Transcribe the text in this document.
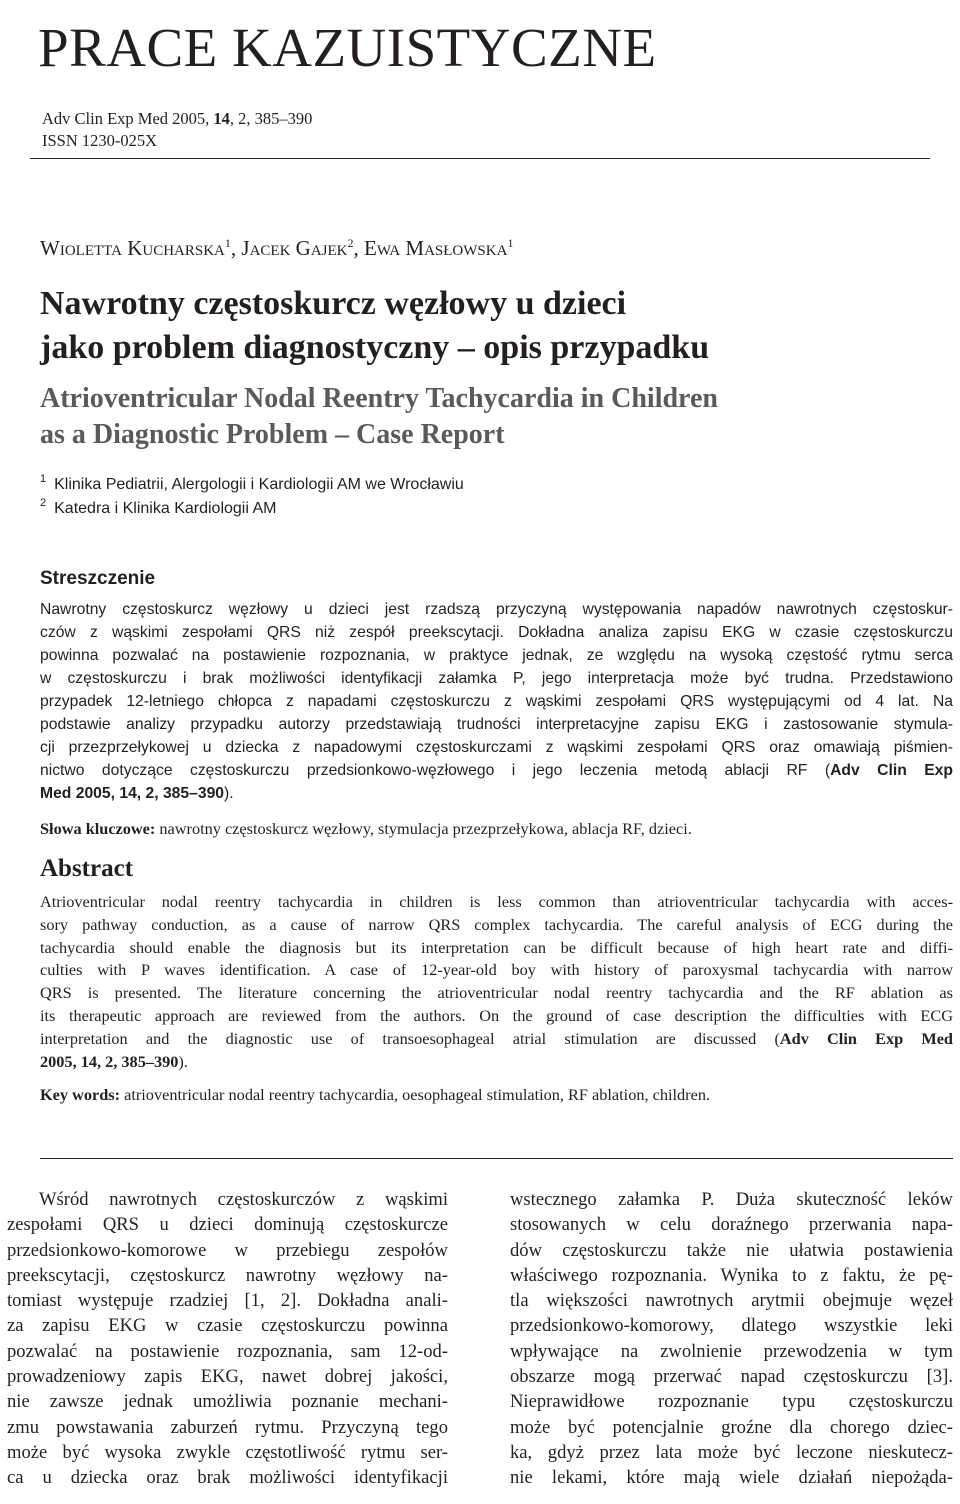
PRACE KAZUISTYCZNE
Adv Clin Exp Med 2005, 14, 2, 385–390
ISSN 1230-025X
WIOLETTA KUCHARSKA$^1$, JACEK GAJEK$^2$, EWA MASŁOWSKA$^1$
Nawrotny częstoskurcz węzłowy u dzieci
jako problem diagnostyczny – opis przypadku
Atrioventricular Nodal Reentry Tachycardia in Children
as a Diagnostic Problem – Case Report
$^1$ Klinika Pediatrii, Alergologii i Kardiologii AM we Wrocławiu
$^2$ Katedra i Klinika Kardiologii AM
Streszczenie
Nawrotny częstoskurcz węzłowy u dzieci jest rzadszą przyczyną występowania napadów nawrotnych częstoskur-
czów z wąskimi zespołami QRS niż zespół preekscytacji. Dokładna analiza zapisu EKG w czasie częstoskurczu
powinna pozwalać na postawienie rozpoznania, w praktyce jednak, ze względu na wysoką częstość rytmu serca
w częstoskurczu i brak możliwości identyfikacji załamka P, jego interpretacja może być trudna. Przedstawiono
przypadek 12-letniego chłopca z napadami częstoskurczu z wąskimi zespołami QRS występującymi od 4 lat. Na
podstawie analizy przypadku autorzy przedstawiają trudności interpretacyjne zapisu EKG i zastosowanie stymula-
cji przezprzełykowej u dziecka z napadowymi częstoskurczami z wąskimi zespołami QRS oraz omawiają piśmien-
nictwo dotyczące częstoskurczu przedsionkowo-węzłowego i jego leczenia metodą ablacji RF (Adv Clin Exp
Med 2005, 14, 2, 385–390).
Słowa kluczowe: nawrotny częstoskurcz węzłowy, stymulacja przezprzełykowa, ablacja RF, dzieci.
Abstract
Atrioventricular nodal reentry tachycardia in children is less common than atrioventricular tachycardia with acces-
sory pathway conduction, as a cause of narrow QRS complex tachycardia. The careful analysis of ECG during the
tachycardia should enable the diagnosis but its interpretation can be difficult because of high heart rate and diffi-
culties with P waves identification. A case of 12-year-old boy with history of paroxysmal tachycardia with narrow
QRS is presented. The literature concerning the atrioventricular nodal reentry tachycardia and the RF ablation as
its therapeutic approach are reviewed from the authors. On the ground of case description the difficulties with ECG
interpretation and the diagnostic use of transoesophageal atrial stimulation are discussed (Adv Clin Exp Med
2005, 14, 2, 385–390).
Key words: atrioventricular nodal reentry tachycardia, oesophageal stimulation, RF ablation, children.
Wśród nawrotnych częstoskurczów z wąskimi
zespołami QRS u dzieci dominują częstoskurcze
przedsionkowo-komorowe w przebiegu zespołów
preekscytacji, częstoskurcz nawrotny węzłowy na-
tomiast występuje rzadziej [1, 2]. Dokładna anali-
za zapisu EKG w czasie częstoskurczu powinna
pozwalać na postawienie rozpoznania, sam 12-od-
prowadzeniowy zapis EKG, nawet dobrej jakości,
nie zawsze jednak umożliwia poznanie mechani-
zmu powstawania zaburzeń rytmu. Przyczyną tego
może być wysoka zwykle częstotliwość rytmu ser-
ca u dziecka oraz brak możliwości identyfikacji
wstecznego załamka P. Duża skuteczność leków
stosowanych w celu doraźnego przerwania napa-
dów częstoskurczu także nie ułatwia postawienia
właściwego rozpoznania. Wynika to z faktu, że pę-
tla większości nawrotnych arytmii obejmuje węzeł
przedsionkowo-komorowy, dlatego wszystkie leki
wpływające na zwolnienie przewodzenia w tym
obszarze mogą przerwać napad częstoskurczu [3].
Nieprawidłowe rozpoznanie typu częstoskurczu
może być potencjalnie groźne dla chorego dziec-
ka, gdyż przez lata może być leczone nieskutecz-
nie lekami, które mają wiele działań niepożąda-
